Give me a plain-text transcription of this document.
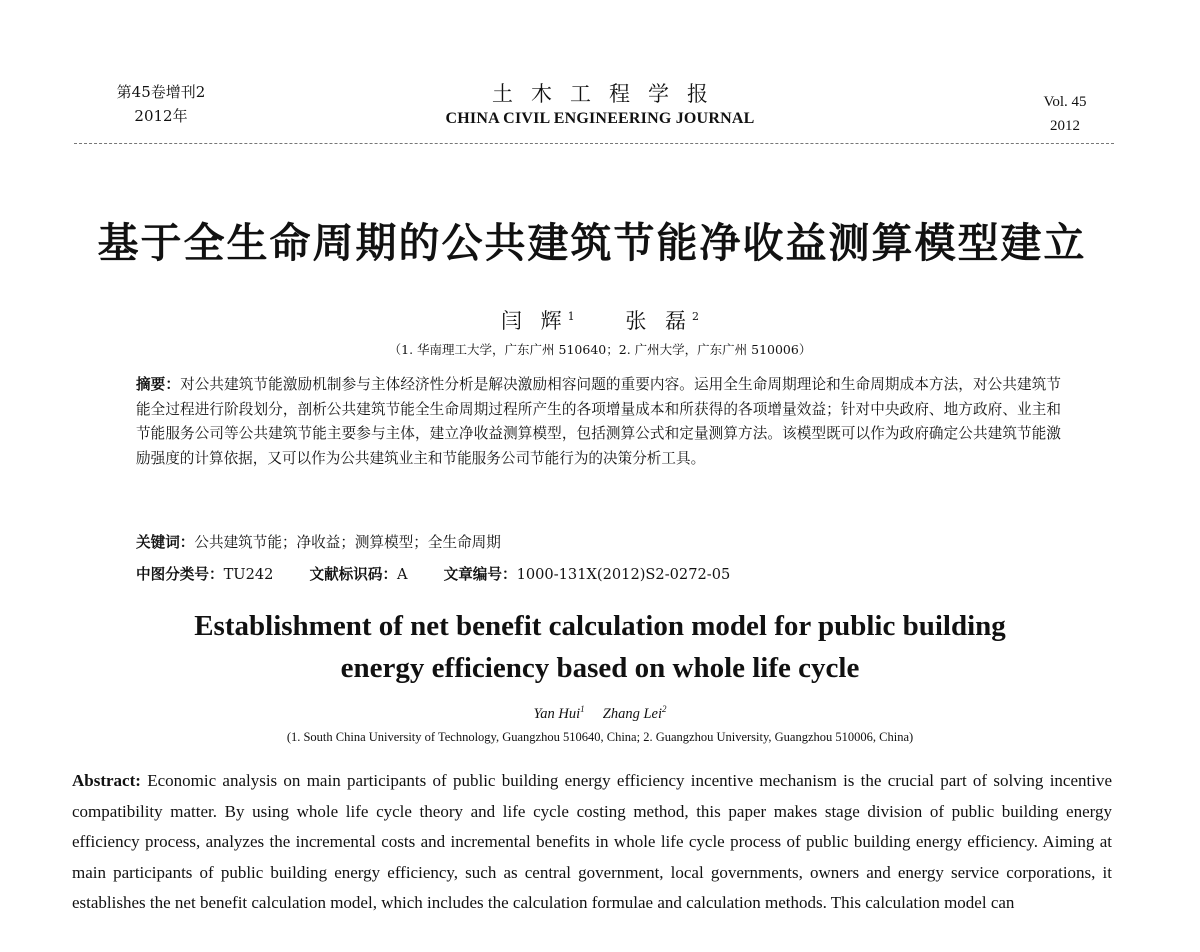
第45卷增刊2
2012年
土木工程学报
CHINA CIVIL ENGINEERING JOURNAL
Vol. 45
2012
基于全生命周期的公共建筑节能净收益测算模型建立
闫 辉$^1$ 张 磊$^2$
（1. 华南理工大学，广东广州 510640；2. 广州大学，广东广州 510006）
摘要：对公共建筑节能激励机制参与主体经济性分析是解决激励相容问题的重要内容。运用全生命周期理论和生命周期成本方法，对公共建筑节能全过程进行阶段划分，剖析公共建筑节能全生命周期过程所产生的各项增量成本和所获得的各项增量效益；针对中央政府、地方政府、业主和节能服务公司等公共建筑节能主要参与主体，建立净收益测算模型，包括测算公式和定量测算方法。该模型既可以作为政府确定公共建筑节能激励强度的计算依据，又可以作为公共建筑业主和节能服务公司节能行为的决策分析工具。
关键词：公共建筑节能；净收益；测算模型；全生命周期
中图分类号：TU242 文献标识码：A 文章编号：1000-131X(2012)S2-0272-05
Establishment of net benefit calculation model for public building
energy efficiency based on whole life cycle
Yan Hui$^1$ Zhang Lei$^2$
(1. South China University of Technology, Guangzhou 510640, China; 2. Guangzhou University, Guangzhou 510006, China)
Abstract: Economic analysis on main participants of public building energy efficiency incentive mechanism is the crucial part of solving incentive compatibility matter. By using whole life cycle theory and life cycle costing method, this paper makes stage division of public building energy efficiency process, analyzes the incremental costs and incremental benefits in whole life cycle process of public building energy efficiency. Aiming at main participants of public building energy efficiency, such as central government, local governments, owners and energy service corporations, it establishes the net benefit calculation model, which includes the calculation formulae and calculation methods. This calculation model can
